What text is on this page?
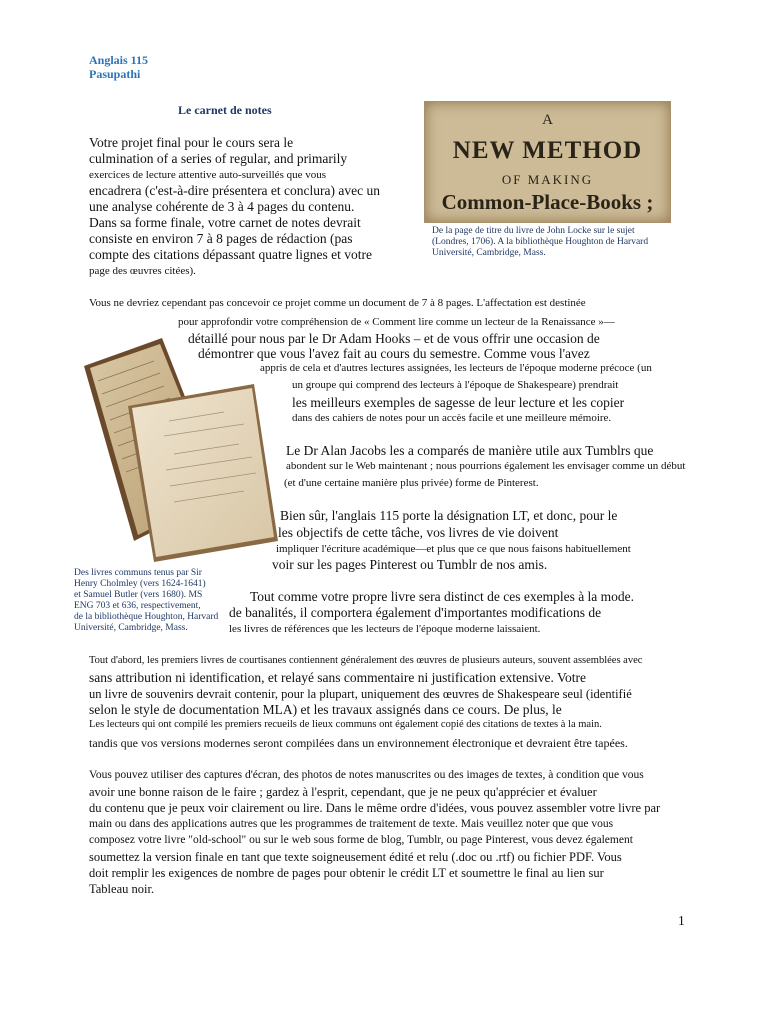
Anglais 115
Pasupathi
Le carnet de notes
A
NEW METHOD
OF MAKING
Common-Place-Books ;
De la page de titre du livre de John Locke sur le sujet
(Londres, 1706). A la bibliothèque Houghton de Harvard
Université, Cambridge, Mass.
Des livres communs tenus par Sir
Henry Cholmley (vers 1624-1641)
et Samuel Butler (vers 1680). MS
ENG 703 et 636, respectivement,
de la bibliothèque Houghton, Harvard
Université, Cambridge, Mass.
Votre projet final pour le cours sera le
culmination of a series of regular, and primarily
exercices de lecture attentive auto-surveillés que vous
encadrera (c'est-à-dire présentera et conclura) avec un
une analyse cohérente de 3 à 4 pages du contenu.
Dans sa forme finale, votre carnet de notes devrait
consiste en environ 7 à 8 pages de rédaction (pas
compte des citations dépassant quatre lignes et votre
page des œuvres citées).
Vous ne devriez cependant pas concevoir ce projet comme un document de 7 à 8 pages. L'affectation est destinée
pour approfondir votre compréhension de « Comment lire comme un lecteur de la Renaissance »—
détaillé pour nous par le Dr Adam Hooks – et de vous offrir une occasion de
démontrer que vous l'avez fait au cours du semestre. Comme vous l'avez
appris de cela et d'autres lectures assignées, les lecteurs de l'époque moderne précoce (un
un groupe qui comprend des lecteurs à l'époque de Shakespeare) prendrait
les meilleurs exemples de sagesse de leur lecture et les copier
dans des cahiers de notes pour un accès facile et une meilleure mémoire.
Le Dr Alan Jacobs les a comparés de manière utile aux Tumblrs que
abondent sur le Web maintenant ; nous pourrions également les envisager comme un début
(et d'une certaine manière plus privée) forme de Pinterest.
Bien sûr, l'anglais 115 porte la désignation LT, et donc, pour le
les objectifs de cette tâche, vos livres de vie doivent
impliquer l'écriture académique—et plus que ce que nous faisons habituellement
voir sur les pages Pinterest ou Tumblr de nos amis.
Tout comme votre propre livre sera distinct de ces exemples à la mode.
de banalités, il comportera également d'importantes modifications de
les livres de références que les lecteurs de l'époque moderne laissaient.
Tout d'abord, les premiers livres de courtisanes contiennent généralement des œuvres de plusieurs auteurs, souvent assemblées avec
sans attribution ni identification, et relayé sans commentaire ni justification extensive. Votre
un livre de souvenirs devrait contenir, pour la plupart, uniquement des œuvres de Shakespeare seul (identifié
selon le style de documentation MLA) et les travaux assignés dans ce cours. De plus, le
Les lecteurs qui ont compilé les premiers recueils de lieux communs ont également copié des citations de textes à la main.
tandis que vos versions modernes seront compilées dans un environnement électronique et devraient être tapées.
Vous pouvez utiliser des captures d'écran, des photos de notes manuscrites ou des images de textes, à condition que vous
avoir une bonne raison de le faire ; gardez à l'esprit, cependant, que je ne peux qu'apprécier et évaluer
du contenu que je peux voir clairement ou lire. Dans le même ordre d'idées, vous pouvez assembler votre livre par
main ou dans des applications autres que les programmes de traitement de texte. Mais veuillez noter que que vous
composez votre livre "old-school" ou sur le web sous forme de blog, Tumblr, ou page Pinterest, vous devez également
soumettez la version finale en tant que texte soigneusement édité et relu (.doc ou .rtf) ou fichier PDF. Vous
doit remplir les exigences de nombre de pages pour obtenir le crédit LT et soumettre le final au lien sur
Tableau noir.
1
